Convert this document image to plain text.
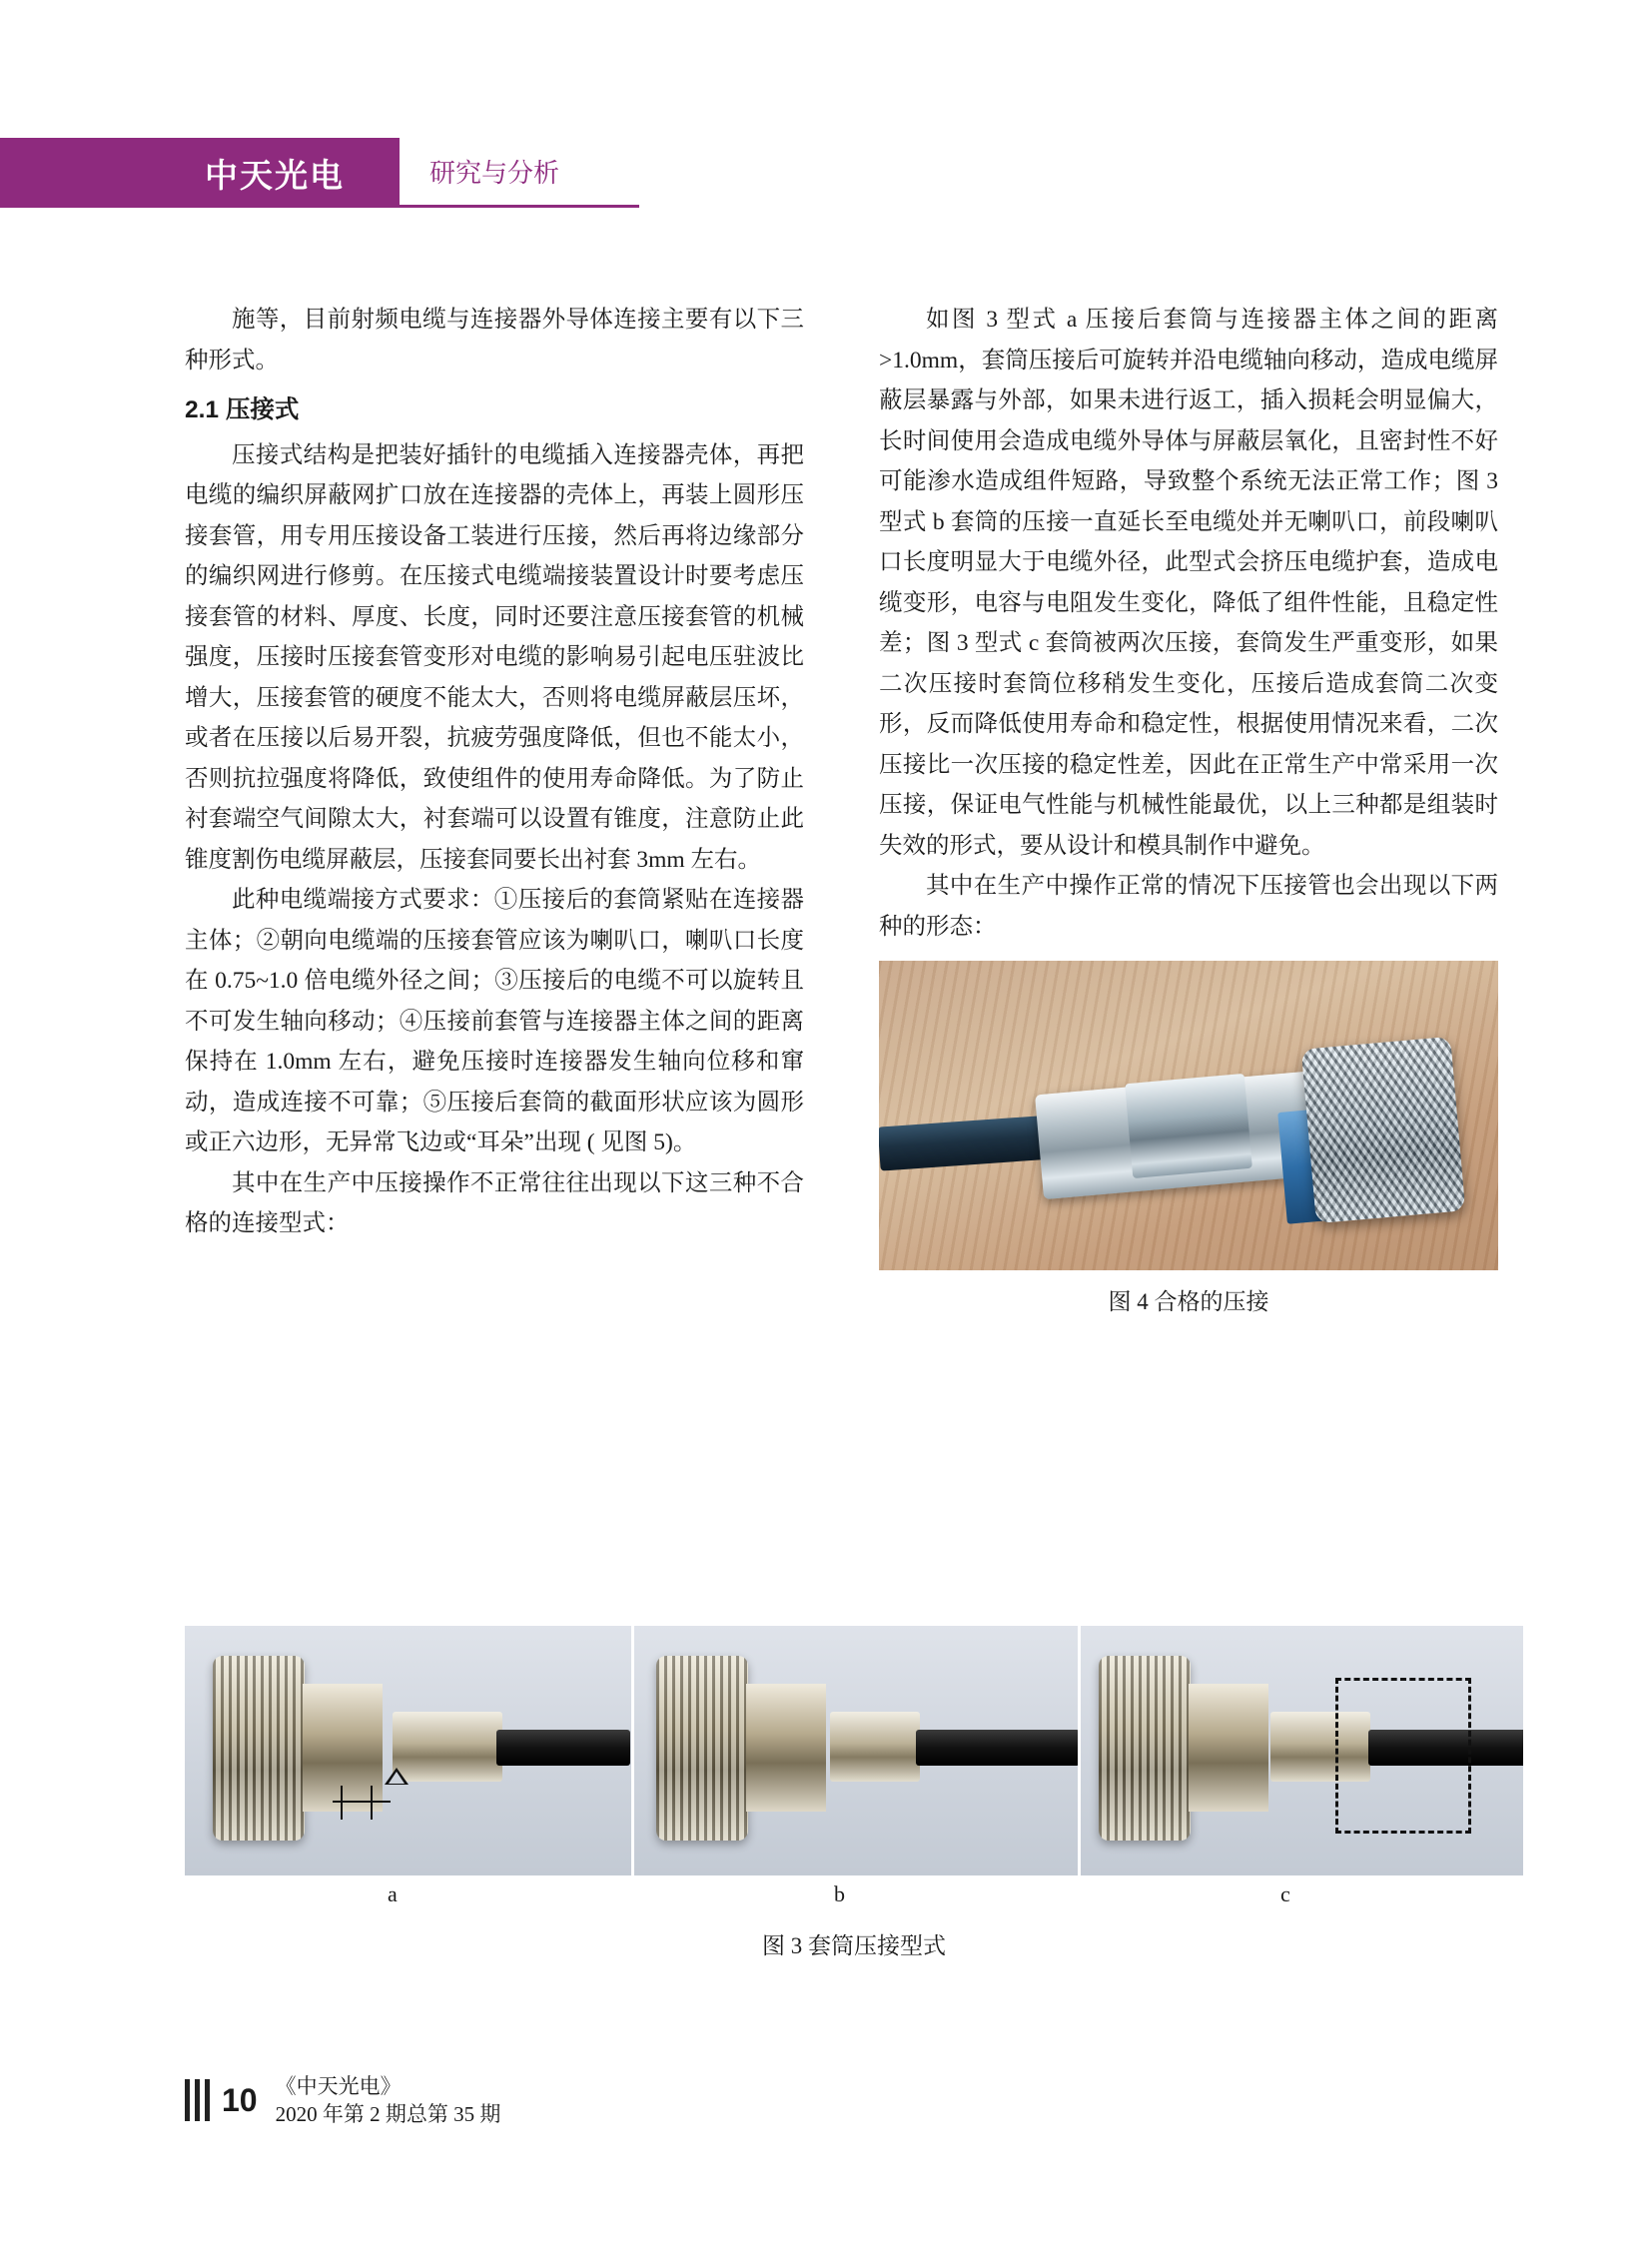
中天光电	研究与分析

施等，目前射频电缆与连接器外导体连接主要有以下三种形式。

2.1 压接式

压接式结构是把装好插针的电缆插入连接器壳体，再把电缆的编织屏蔽网扩口放在连接器的壳体上，再装上圆形压接套管，用专用压接设备工装进行压接，然后再将边缘部分的编织网进行修剪。在压接式电缆端接装置设计时要考虑压接套管的材料、厚度、长度，同时还要注意压接套管的机械强度，压接时压接套管变形对电缆的影响易引起电压驻波比增大，压接套管的硬度不能太大，否则将电缆屏蔽层压坏，或者在压接以后易开裂，抗疲劳强度降低，但也不能太小，否则抗拉强度将降低，致使组件的使用寿命降低。为了防止衬套端空气间隙太大，衬套端可以设置有锥度，注意防止此锥度割伤电缆屏蔽层，压接套同要长出衬套 3mm 左右。

此种电缆端接方式要求：①压接后的套筒紧贴在连接器主体；②朝向电缆端的压接套管应该为喇叭口，喇叭口长度在 0.75~1.0 倍电缆外径之间；③压接后的电缆不可以旋转且不可发生轴向移动；④压接前套管与连接器主体之间的距离保持在 1.0mm 左右，避免压接时连接器发生轴向位移和窜动，造成连接不可靠；⑤压接后套筒的截面形状应该为圆形或正六边形，无异常飞边或“耳朵”出现 ( 见图 5)。

其中在生产中压接操作不正常往往出现以下这三种不合格的连接型式：

如图 3 型式 a 压接后套筒与连接器主体之间的距离 >1.0mm，套筒压接后可旋转并沿电缆轴向移动，造成电缆屏蔽层暴露与外部，如果未进行返工，插入损耗会明显偏大，长时间使用会造成电缆外导体与屏蔽层氧化，且密封性不好可能渗水造成组件短路，导致整个系统无法正常工作；图 3 型式 b 套筒的压接一直延长至电缆处并无喇叭口，前段喇叭口长度明显大于电缆外径，此型式会挤压电缆护套，造成电缆变形，电容与电阻发生变化，降低了组件性能，且稳定性差；图 3 型式 c 套筒被两次压接，套筒发生严重变形，如果二次压接时套筒位移稍发生变化，压接后造成套筒二次变形，反而降低使用寿命和稳定性，根据使用情况来看，二次压接比一次压接的稳定性差，因此在正常生产中常采用一次压接，保证电气性能与机械性能最优，以上三种都是组装时失效的形式，要从设计和模具制作中避免。

其中在生产中操作正常的情况下压接管也会出现以下两种的形态：

图 4 合格的压接
a	b	c
图 3 套筒压接型式
10 《中天光电》
2020 年第 2 期总第 35 期
